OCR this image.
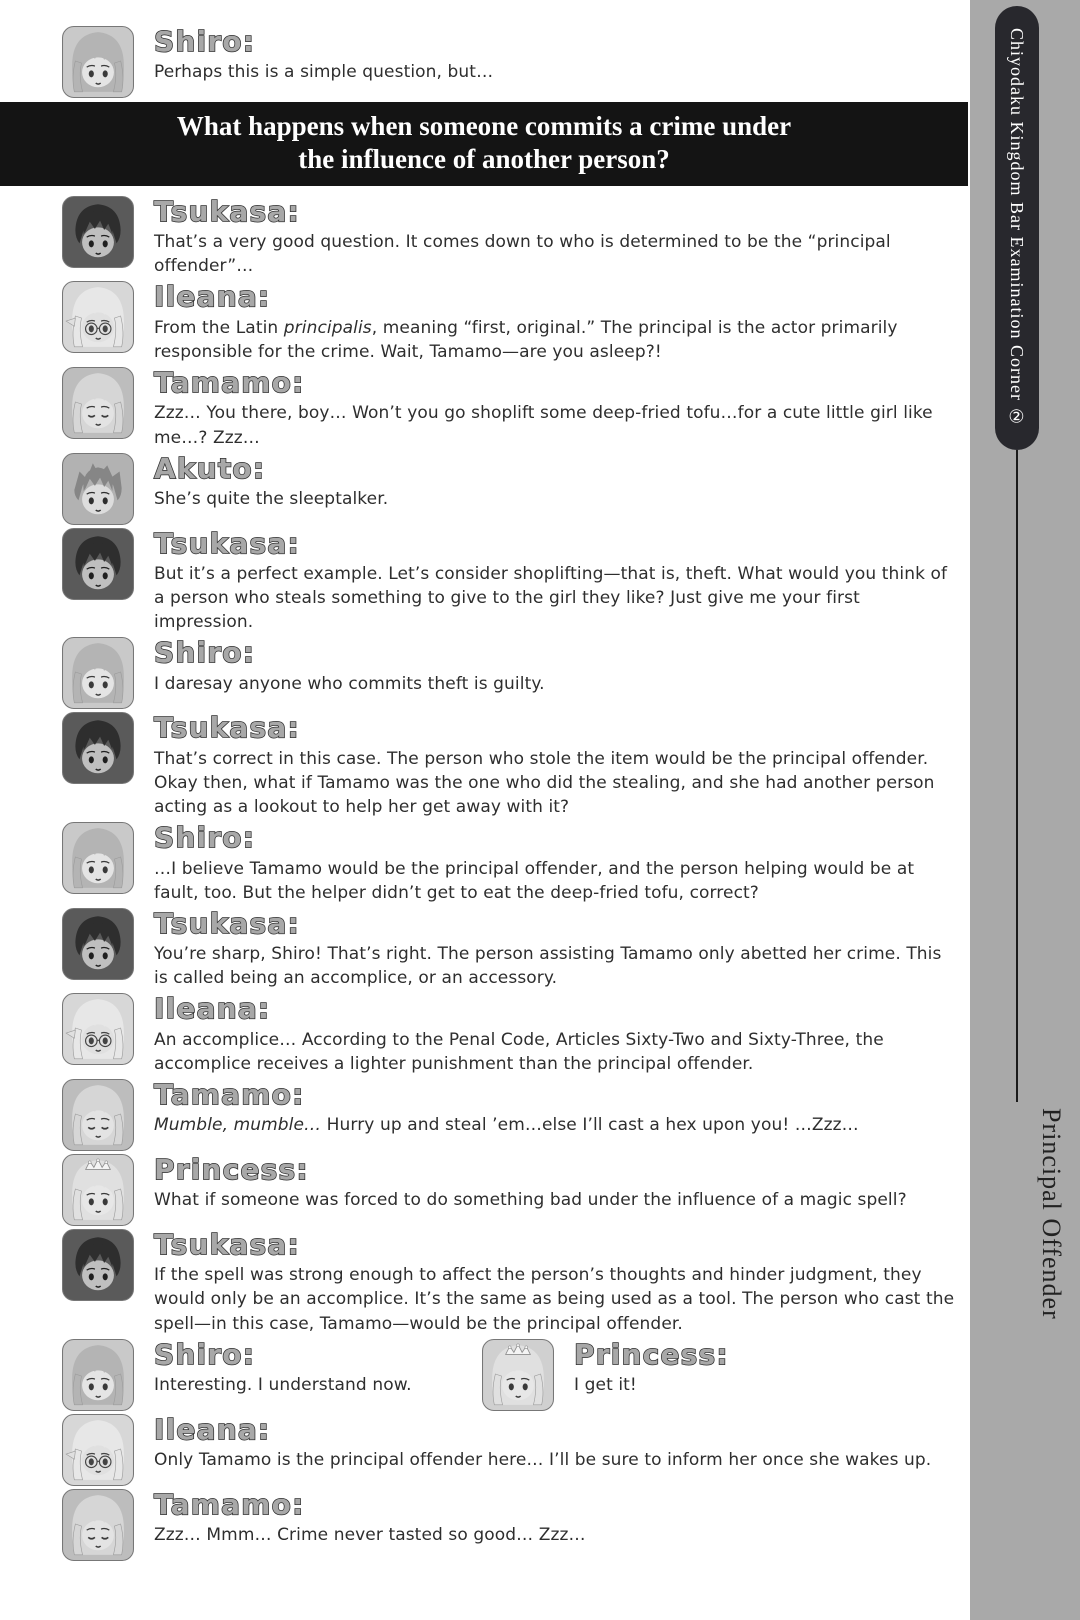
Shiro:
Perhaps this is a simple question, but…
What happens when someone commits a crime under
the influence of another person?
Tsukasa:
That’s a very good question. It comes down to who is determined to be the “principal offender”…
Ileana:
From the Latin principalis, meaning “first, original.” The principal is the actor primarily responsible for the crime. Wait, Tamamo—are you asleep?!
Tamamo:
Zzz… You there, boy… Won’t you go shoplift some deep-fried tofu…for a cute little girl like me…? Zzz…
Akuto:
She’s quite the sleeptalker.
Tsukasa:
But it’s a perfect example. Let’s consider shoplifting—that is, theft. What would you think of a person who steals something to give to the girl they like? Just give me your first impression.
Shiro:
I daresay anyone who commits theft is guilty.
Tsukasa:
That’s correct in this case. The person who stole the item would be the principal offender. Okay then, what if Tamamo was the one who did the stealing, and she had another person acting as a lookout to help her get away with it?
Shiro:
…I believe Tamamo would be the principal offender, and the person helping would be at fault, too. But the helper didn’t get to eat the deep-fried tofu, correct?
Tsukasa:
You’re sharp, Shiro! That’s right. The person assisting Tamamo only abetted her crime. This is called being an accomplice, or an accessory.
Ileana:
An accomplice… According to the Penal Code, Articles Sixty-Two and Sixty-Three, the accomplice receives a lighter punishment than the principal offender.
Tamamo:
Mumble, mumble… Hurry up and steal ’em…else I’ll cast a hex upon you! …Zzz…
Princess:
What if someone was forced to do something bad under the influence of a magic spell?
Tsukasa:
If the spell was strong enough to affect the person’s thoughts and hinder judgment, they would only be an accomplice. It’s the same as being used as a tool. The person who cast the spell—in this case, Tamamo—would be the principal offender.
Shiro:
Interesting. I understand now.
Princess:
I get it!
Ileana:
Only Tamamo is the principal offender here… I’ll be sure to inform her once she wakes up.
Tamamo:
Zzz… Mmm… Crime never tasted so good… Zzz…
Chiyodaku Kingdom Bar Examination Corner ②
Principal Offender
